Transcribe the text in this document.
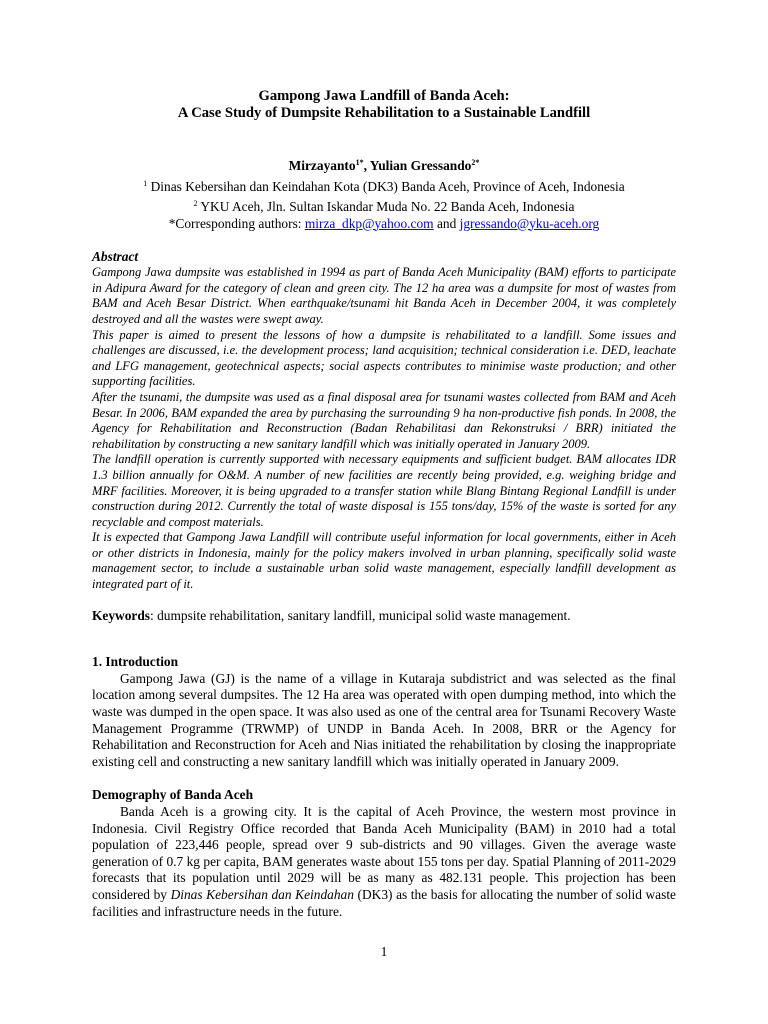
Gampong Jawa Landfill of Banda Aceh:
A Case Study of Dumpsite Rehabilitation to a Sustainable Landfill
Mirzayanto$^{1*}$, Yulian Gressando$^{2*}$
$^1$ Dinas Kebersihan dan Keindahan Kota (DK3) Banda Aceh, Province of Aceh, Indonesia
$^2$ YKU Aceh, Jln. Sultan Iskandar Muda No. 22 Banda Aceh, Indonesia
*Corresponding authors: mirza_dkp@yahoo.com and jgressando@yku-aceh.org
Abstract

Gampong Jawa dumpsite was established in 1994 as part of Banda Aceh Municipality (BAM) efforts to participate in Adipura Award for the category of clean and green city. The 12 ha area was a dumpsite for most of wastes from BAM and Aceh Besar District. When earthquake/tsunami hit Banda Aceh in December 2004, it was completely destroyed and all the wastes were swept away.

This paper is aimed to present the lessons of how a dumpsite is rehabilitated to a landfill. Some issues and challenges are discussed, i.e. the development process; land acquisition; technical consideration i.e. DED, leachate and LFG management, geotechnical aspects; social aspects contributes to minimise waste production; and other supporting facilities.

After the tsunami, the dumpsite was used as a final disposal area for tsunami wastes collected from BAM and Aceh Besar. In 2006, BAM expanded the area by purchasing the surrounding 9 ha non-productive fish ponds. In 2008, the Agency for Rehabilitation and Reconstruction (Badan Rehabilitasi dan Rekonstruksi / BRR) initiated the rehabilitation by constructing a new sanitary landfill which was initially operated in January 2009.

The landfill operation is currently supported with necessary equipments and sufficient budget. BAM allocates IDR 1.3 billion annually for O&M. A number of new facilities are recently being provided, e.g. weighing bridge and MRF facilities. Moreover, it is being upgraded to a transfer station while Blang Bintang Regional Landfill is under construction during 2012. Currently the total of waste disposal is 155 tons/day, 15% of the waste is sorted for any recyclable and compost materials.

It is expected that Gampong Jawa Landfill will contribute useful information for local governments, either in Aceh or other districts in Indonesia, mainly for the policy makers involved in urban planning, specifically solid waste management sector, to include a sustainable urban solid waste management, especially landfill development as integrated part of it.

Keywords: dumpsite rehabilitation, sanitary landfill, municipal solid waste management.
1. Introduction

Gampong Jawa (GJ) is the name of a village in Kutaraja subdistrict and was selected as the final location among several dumpsites. The 12 Ha area was operated with open dumping method, into which the waste was dumped in the open space. It was also used as one of the central area for Tsunami Recovery Waste Management Programme (TRWMP) of UNDP in Banda Aceh. In 2008, BRR or the Agency for Rehabilitation and Reconstruction for Aceh and Nias initiated the rehabilitation by closing the inappropriate existing cell and constructing a new sanitary landfill which was initially operated in January 2009.

Demography of Banda Aceh

Banda Aceh is a growing city. It is the capital of Aceh Province, the western most province in Indonesia. Civil Registry Office recorded that Banda Aceh Municipality (BAM) in 2010 had a total population of 223,446 people, spread over 9 sub-districts and 90 villages. Given the average waste generation of 0.7 kg per capita, BAM generates waste about 155 tons per day. Spatial Planning of 2011-2029 forecasts that its population until 2029 will be as many as 482.131 people. This projection has been considered by Dinas Kebersihan dan Keindahan (DK3) as the basis for allocating the number of solid waste facilities and infrastructure needs in the future.

1
